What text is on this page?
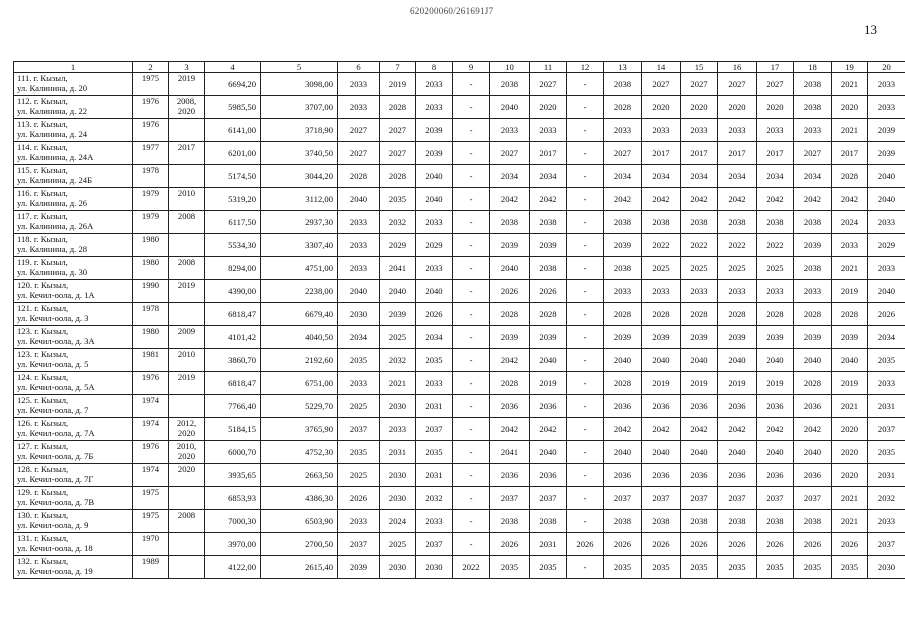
620200060/261691J7
13
1	2	3	4	5	6	7	8	9	10	11	12	13	14	15	16	17	18	19	20

111. г. Кызыл,
ул. Калинина, д. 20	1975	2019	6694,20	3098,00	2033	2019	2033	-	2038	2027	-	2038	2027	2027	2027	2027	2038	2021	2033

112. г. Кызыл,
ул. Калинина, д. 22	1976	2008,
2020	5985,50	3707,00	2033	2028	2033	-	2040	2020	-	2028	2020	2020	2020	2020	2038	2020	2033

113. г. Кызыл,
ул. Калинина, д. 24	1976		6141,00	3718,90	2027	2027	2039	-	2033	2033	-	2033	2033	2033	2033	2033	2033	2021	2039

114. г. Кызыл,
ул. Калинина, д. 24А	1977	2017	6201,00	3740,50	2027	2027	2039	-	2027	2017	-	2027	2017	2017	2017	2017	2027	2017	2039

115. г. Кызыл,
ул. Калинина, д. 24Б	1978		5174,50	3044,20	2028	2028	2040	-	2034	2034	-	2034	2034	2034	2034	2034	2034	2028	2040

116. г. Кызыл,
ул. Калинина, д. 26	1979	2010	5319,20	3112,00	2040	2035	2040	-	2042	2042	-	2042	2042	2042	2042	2042	2042	2042	2040

117. г. Кызыл,
ул. Калинина, д. 26А	1979	2008	6117,50	2937,30	2033	2032	2033	-	2038	2038	-	2038	2038	2038	2038	2038	2038	2024	2033

118. г. Кызыл,
ул. Калинина, д. 28	1980		5534,30	3307,40	2033	2029	2029	-	2039	2039	-	2039	2022	2022	2022	2022	2039	2033	2029

119. г. Кызыл,
ул. Калинина, д. 30	1980	2008	8294,00	4751,00	2033	2041	2033	-	2040	2038	-	2038	2025	2025	2025	2025	2038	2021	2033

120. г. Кызыл,
ул. Кечил-оола, д. 1А	1990	2019	4390,00	2238,00	2040	2040	2040	-	2026	2026	-	2033	2033	2033	2033	2033	2033	2019	2040

121. г. Кызыл,
ул. Кечил-оола, д. 3	1978		6818,47	6679,40	2030	2039	2026	-	2028	2028	-	2028	2028	2028	2028	2028	2028	2028	2026

123. г. Кызыл,
ул. Кечил-оола, д. 3А	1980	2009	4101,42	4040,50	2034	2025	2034	-	2039	2039	-	2039	2039	2039	2039	2039	2039	2039	2034

123. г. Кызыл,
ул. Кечил-оола, д. 5	1981	2010	3860,70	2192,60	2035	2032	2035	-	2042	2040	-	2040	2040	2040	2040	2040	2040	2040	2035

124. г. Кызыл,
ул. Кечил-оола, д. 5А	1976	2019	6818,47	6751,00	2033	2021	2033	-	2028	2019	-	2028	2019	2019	2019	2019	2028	2019	2033

125. г. Кызыл,
ул. Кечил-оола, д. 7	1974		7766,40	5229,70	2025	2030	2031	-	2036	2036	-	2036	2036	2036	2036	2036	2036	2021	2031

126. г. Кызыл,
ул. Кечил-оола, д. 7А	1974	2012,
2020	5184,15	3765,90	2037	2033	2037	-	2042	2042	-	2042	2042	2042	2042	2042	2042	2020	2037

127. г. Кызыл,
ул. Кечил-оола, д. 7Б	1976	2010,
2020	6000,70	4752,30	2035	2031	2035	-	2041	2040	-	2040	2040	2040	2040	2040	2040	2020	2035

128. г. Кызыл,
ул. Кечил-оола, д. 7Г	1974	2020	3935,65	2663,50	2025	2030	2031	-	2036	2036	-	2036	2036	2036	2036	2036	2036	2020	2031

129. г. Кызыл,
ул. Кечил-оола, д. 7В	1975		6853,93	4386,30	2026	2030	2032	-	2037	2037	-	2037	2037	2037	2037	2037	2037	2021	2032

130. г. Кызыл,
ул. Кечил-оола, д. 9	1975	2008	7000,30	6503,90	2033	2024	2033	-	2038	2038	-	2038	2038	2038	2038	2038	2038	2021	2033

131. г. Кызыл,
ул. Кечил-оола, д. 18	1970		3970,00	2700,50	2037	2025	2037	-	2026	2031	2026	2026	2026	2026	2026	2026	2026	2026	2037

132. г. Кызыл,
ул. Кечил-оола, д. 19	1989		4122,00	2615,40	2039	2030	2030	2022	2035	2035	-	2035	2035	2035	2035	2035	2035	2035	2030
